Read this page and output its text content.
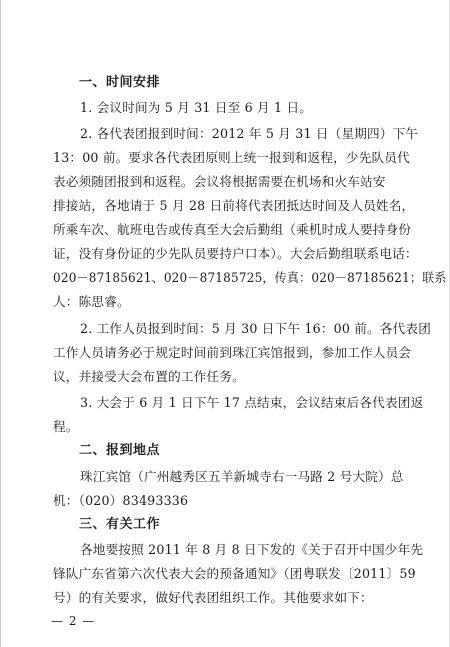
一、时间安排
1. 会议时间为 5 月 31 日至 6 月 1 日。
2. 各代表团报到时间：2012 年 5 月 31 日（星期四）下午
13：00 前。要求各代表团原则上统一报到和返程，少先队员代
表必须随团报到和返程。会议将根据需要在机场和火车站安
排接站，各地请于 5 月 28 日前将代表团抵达时间及人员姓名，
所乘车次、航班电告或传真至大会后勤组（乘机时成人要持身份
证，没有身份证的少先队员要持户口本）。大会后勤组联系电话：
020－87185621、020－87185725，传真：020－87185621；联系
人：陈思睿。
2. 工作人员报到时间：5 月 30 日下午 16：00 前。各代表团
工作人员请务必于规定时间前到珠江宾馆报到，参加工作人员会
议，并接受大会布置的工作任务。
3. 大会于 6 月 1 日下午 17 点结束，会议结束后各代表团返
程。
二、报到地点
珠江宾馆（广州越秀区五羊新城寺右一马路 2 号大院）总
机：（020）83493336
三、有关工作
各地要按照 2011 年 8 月 8 日下发的《关于召开中国少年先
锋队广东省第六次代表大会的预备通知》（团粤联发〔2011〕59
号）的有关要求，做好代表团组织工作。其他要求如下：
— 2 —
